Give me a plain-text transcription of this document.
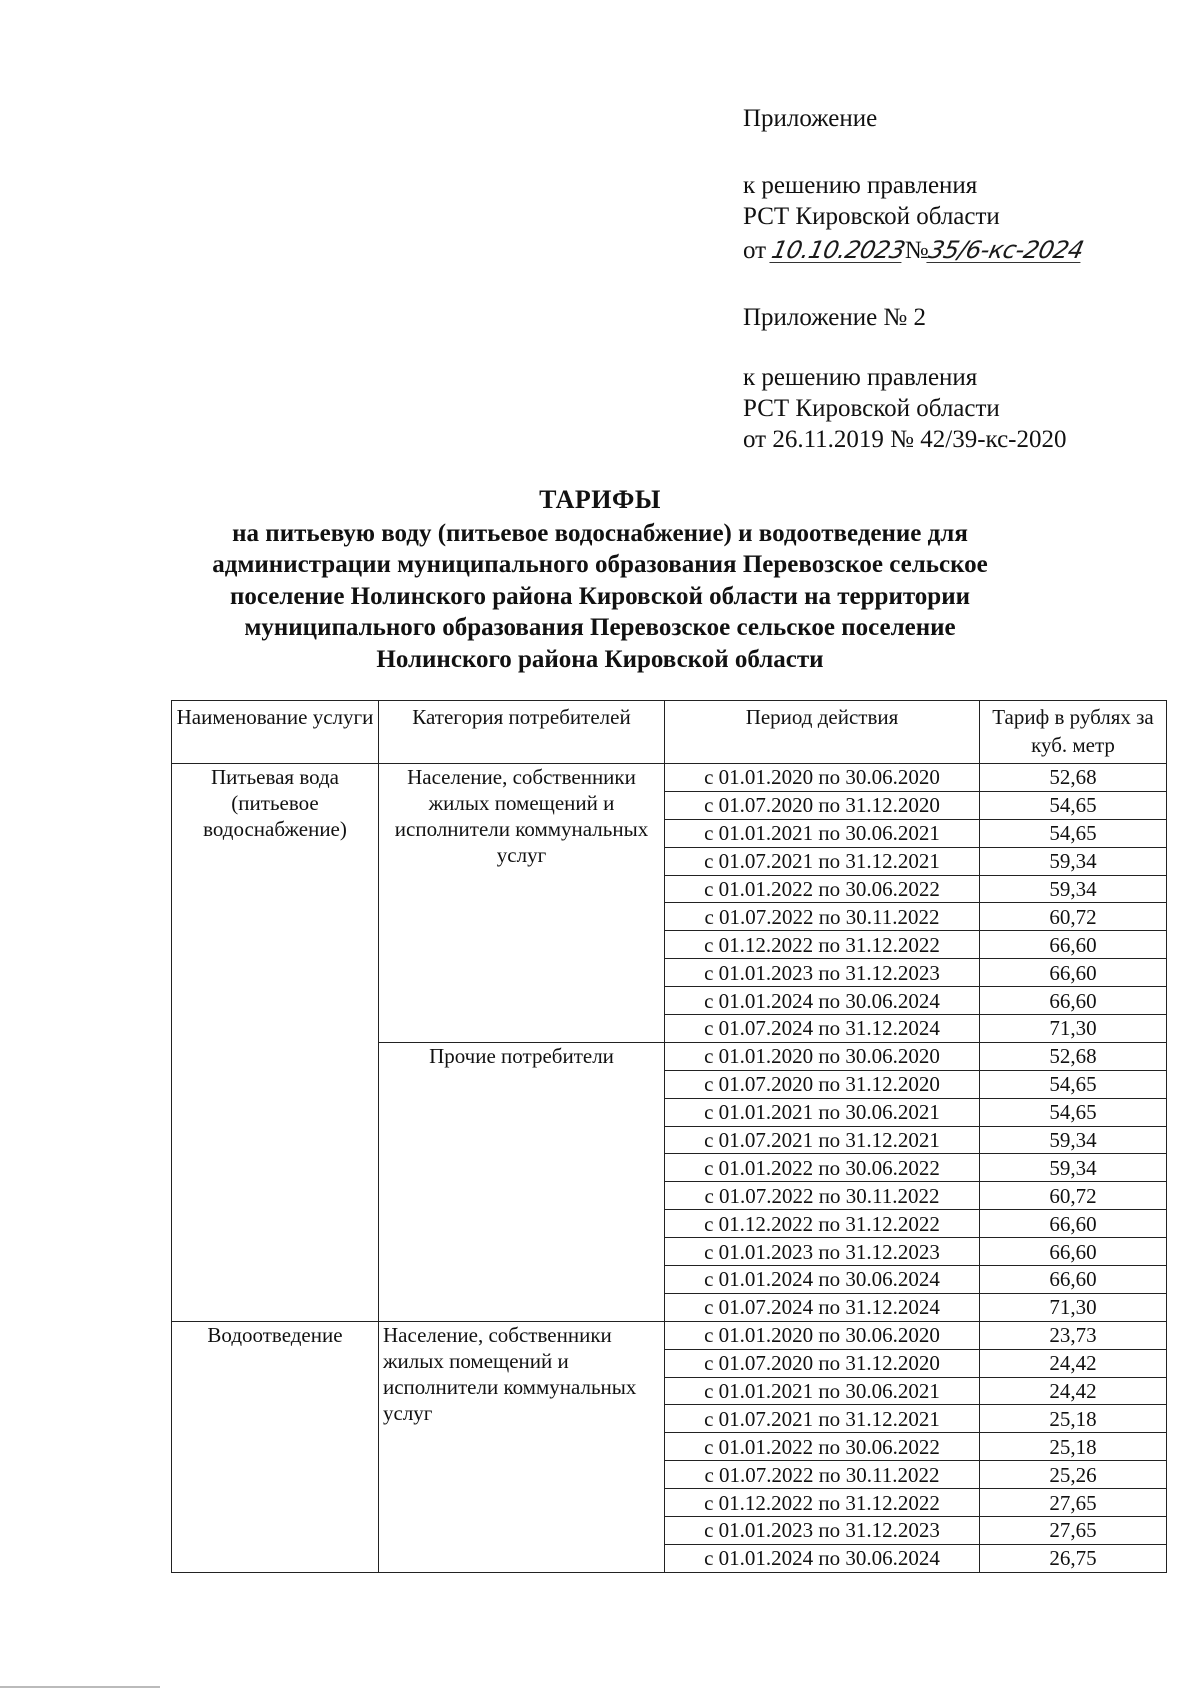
Приложение
к решению правления
РСТ Кировской области
от 10.10.2023№35/6-кс-2024
Приложение № 2
к решению правления
РСТ Кировской области
от 26.11.2019 № 42/39-кс-2020
ТАРИФЫ
на питьевую воду (питьевое водоснабжение) и водоотведение для
администрации муниципального образования Перевозское сельское
поселение Нолинского района Кировской области на территории
муниципального образования Перевозское сельское поселение
Нолинского района Кировской области
Наименование услуги	Категория потребителей	Период действия	Тариф в рублях за куб. метр
Питьевая вода (питьевое водоснабжение)	Население, собственники жилых помещений и исполнители коммунальных услуг	с 01.01.2020 по 30.06.2020	52,68
		с 01.07.2020 по 31.12.2020	54,65
		с 01.01.2021 по 30.06.2021	54,65
		с 01.07.2021 по 31.12.2021	59,34
		с 01.01.2022 по 30.06.2022	59,34
		с 01.07.2022 по 30.11.2022	60,72
		с 01.12.2022 по 31.12.2022	66,60
		с 01.01.2023 по 31.12.2023	66,60
		с 01.01.2024 по 30.06.2024	66,60
		с 01.07.2024 по 31.12.2024	71,30
	Прочие потребители	с 01.01.2020 по 30.06.2020	52,68
		с 01.07.2020 по 31.12.2020	54,65
		с 01.01.2021 по 30.06.2021	54,65
		с 01.07.2021 по 31.12.2021	59,34
		с 01.01.2022 по 30.06.2022	59,34
		с 01.07.2022 по 30.11.2022	60,72
		с 01.12.2022 по 31.12.2022	66,60
		с 01.01.2023 по 31.12.2023	66,60
		с 01.01.2024 по 30.06.2024	66,60
		с 01.07.2024 по 31.12.2024	71,30
Водоотведение	Население, собственники жилых помещений и исполнители коммунальных услуг	с 01.01.2020 по 30.06.2020	23,73
		с 01.07.2020 по 31.12.2020	24,42
		с 01.01.2021 по 30.06.2021	24,42
		с 01.07.2021 по 31.12.2021	25,18
		с 01.01.2022 по 30.06.2022	25,18
		с 01.07.2022 по 30.11.2022	25,26
		с 01.12.2022 по 31.12.2022	27,65
		с 01.01.2023 по 31.12.2023	27,65
		с 01.01.2024 по 30.06.2024	26,75
